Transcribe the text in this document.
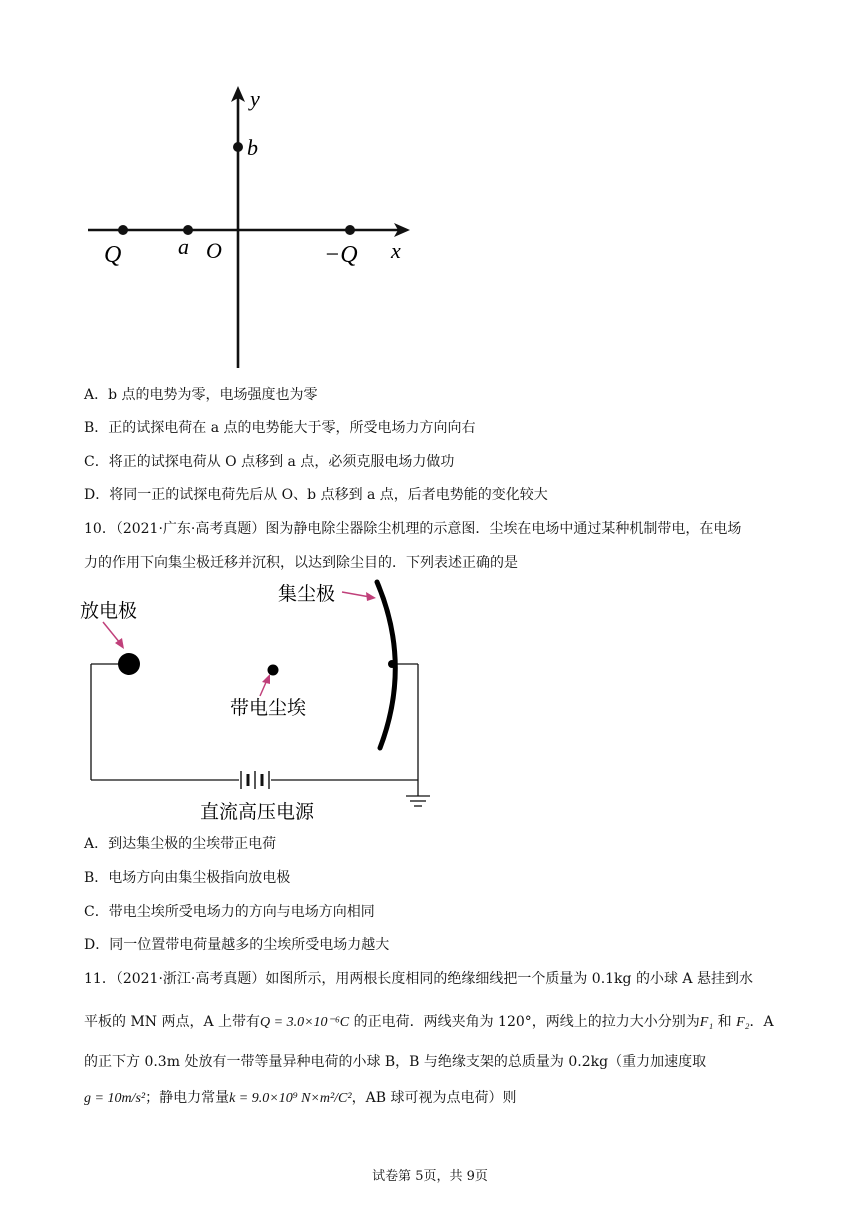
y
b
Q	a O	−Q x
A．b 点的电势为零，电场强度也为零
B．正的试探电荷在 a 点的电势能大于零，所受电场力方向向右
C．将正的试探电荷从 O 点移到 a 点，必须克服电场力做功
D．将同一正的试探电荷先后从 O、b 点移到 a 点，后者电势能的变化较大
10．（2021·广东·高考真题）图为静电除尘器除尘机理的示意图．尘埃在电场中通过某种机制带电，在电场
力的作用下向集尘极迁移并沉积，以达到除尘目的．下列表述正确的是
集尘极
放电极
带电尘埃
直流高压电源
A．到达集尘极的尘埃带正电荷
B．电场方向由集尘极指向放电极
C．带电尘埃所受电场力的方向与电场方向相同
D．同一位置带电荷量越多的尘埃所受电场力越大
11．（2021·浙江·高考真题）如图所示，用两根长度相同的绝缘细线把一个质量为 0.1kg 的小球 A 悬挂到水
平板的 MN 两点，A 上带有Q = 3.0×10⁻⁶C 的正电荷．两线夹角为 120°，两线上的拉力大小分别为F₁ 和 F₂．A
的正下方 0.3m 处放有一带等量异种电荷的小球 B，B 与绝缘支架的总质量为 0.2kg（重力加速度取
g = 10m/s²；静电力常量k = 9.0×10⁹ N×m²/C²，AB 球可视为点电荷）则
试卷第 5页，共 9页
